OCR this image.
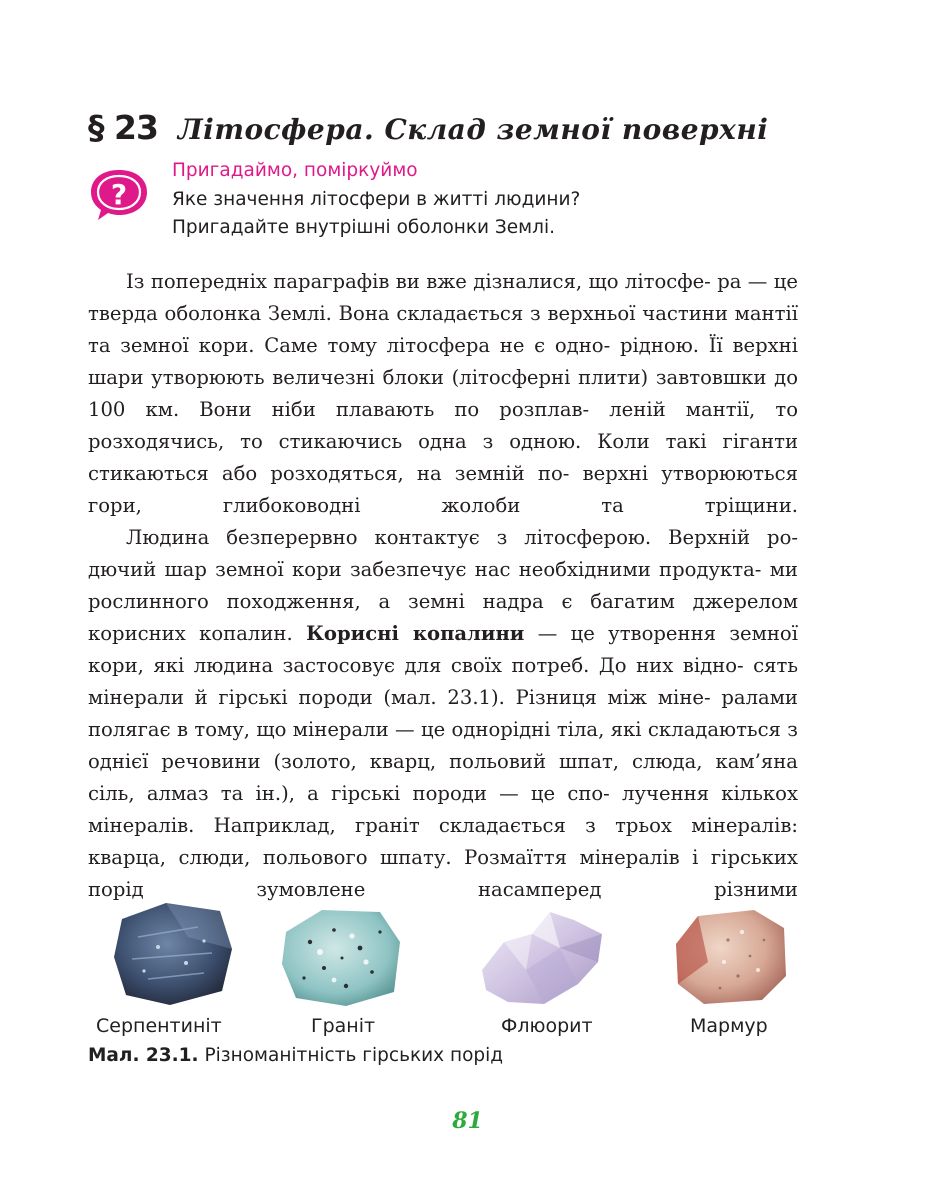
§ 23 Літосфера. Склад земної поверхні
?
Пригадаймо, поміркуймо
Яке значення літосфери в житті людини?
Пригадайте внутрішні оболонки Землі.

Із попередніх параграфів ви вже дізналися, що літосфе- ра — це тверда оболонка Землі. Вона складається з верхньої частини мантії та земної кори. Саме тому літосфера не є одно- рідною. Її верхні шари утворюють величезні блоки (літосферні плити) завтовшки до 100 км. Вони ніби плавають по розплав- леній мантії, то розходячись, то стикаючись одна з одною. Коли такі гіганти стикаються або розходяться, на земній по- верхні утворюються гори, глибоководні жолоби та тріщини.

Людина безперервно контактує з літосферою. Верхній ро- дючий шар земної кори забезпечує нас необхідними продукта- ми рослинного походження, а земні надра є багатим джерелом корисних копалин. Корисні копалини — це утворення земної кори, які людина застосовує для своїх потреб. До них відно- сять мінерали й гірські породи (мал. 23.1). Різниця між міне- ралами полягає в тому, що мінерали — це однорідні тіла, які складаються з однієї речовини (золото, кварц, польовий шпат, слюда, кам’яна сіль, алмаз та ін.), а гірські породи — це спо- лучення кількох мінералів. Наприклад, граніт складається з трьох мінералів: кварца, слюди, польового шпату. Розмаїття мінералів і гірських порід зумовлене насамперед різними

Серпентиніт	Граніт	Флюорит	Мармур
Мал. 23.1. Різноманітність гірських порід
81
